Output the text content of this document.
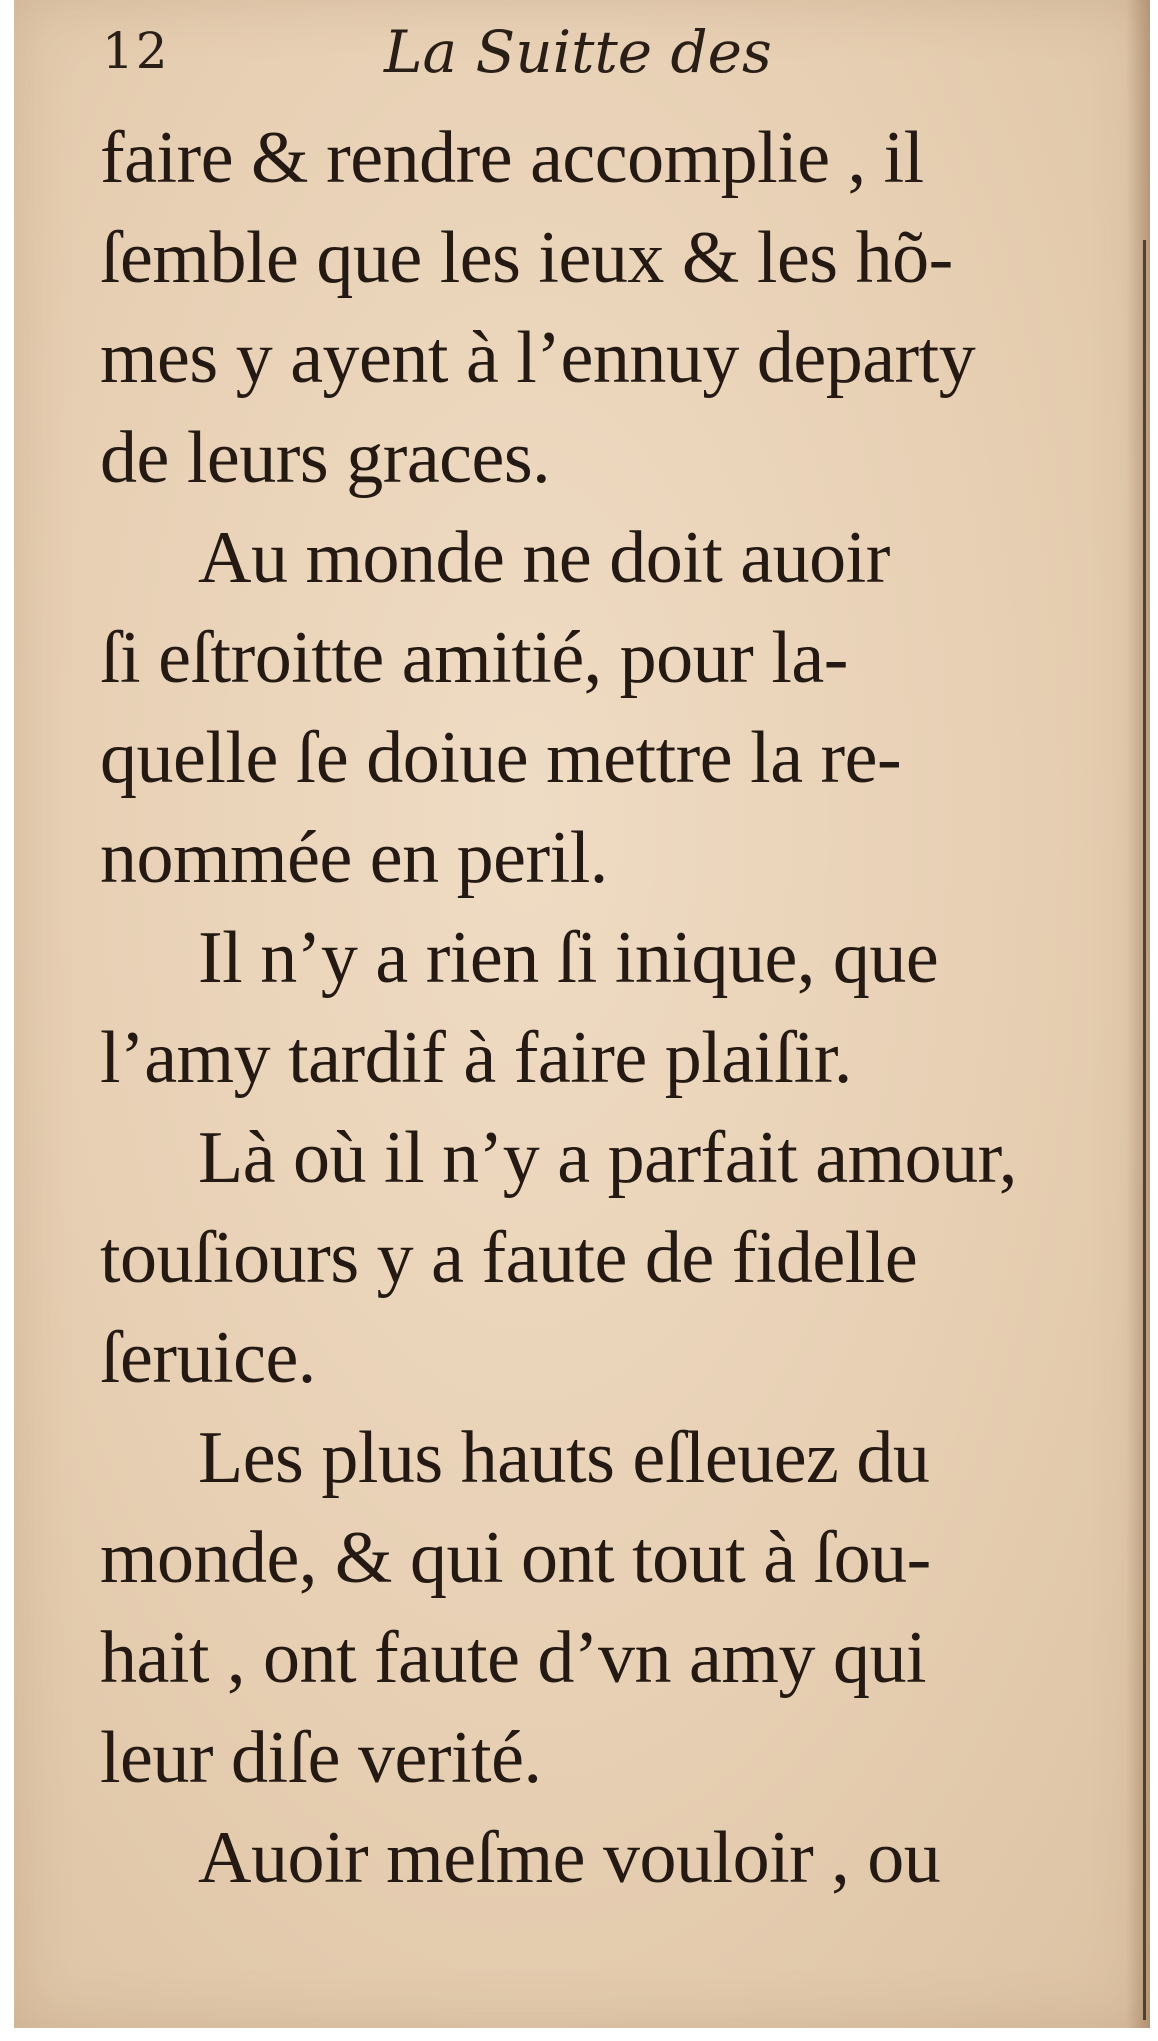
12	La Suitte des
faire & rendre accomplie , il
ſemble que les ieux & les hõ-
mes y ayent à l’ennuy departy
de leurs graces.
Au monde ne doit auoir
ſi eſtroitte amitié, pour la-
quelle ſe doiue mettre la re-
nommée en peril.
Il n’y a rien ſi inique, que
l’amy tardif à faire plaiſir.
Là où il n’y a parfait amour,
touſiours y a faute de fidelle
ſeruice.
Les plus hauts eſleuez du
monde, & qui ont tout à ſou-
hait , ont faute d’vn amy qui
leur diſe verité.
Auoir meſme vouloir , ou
